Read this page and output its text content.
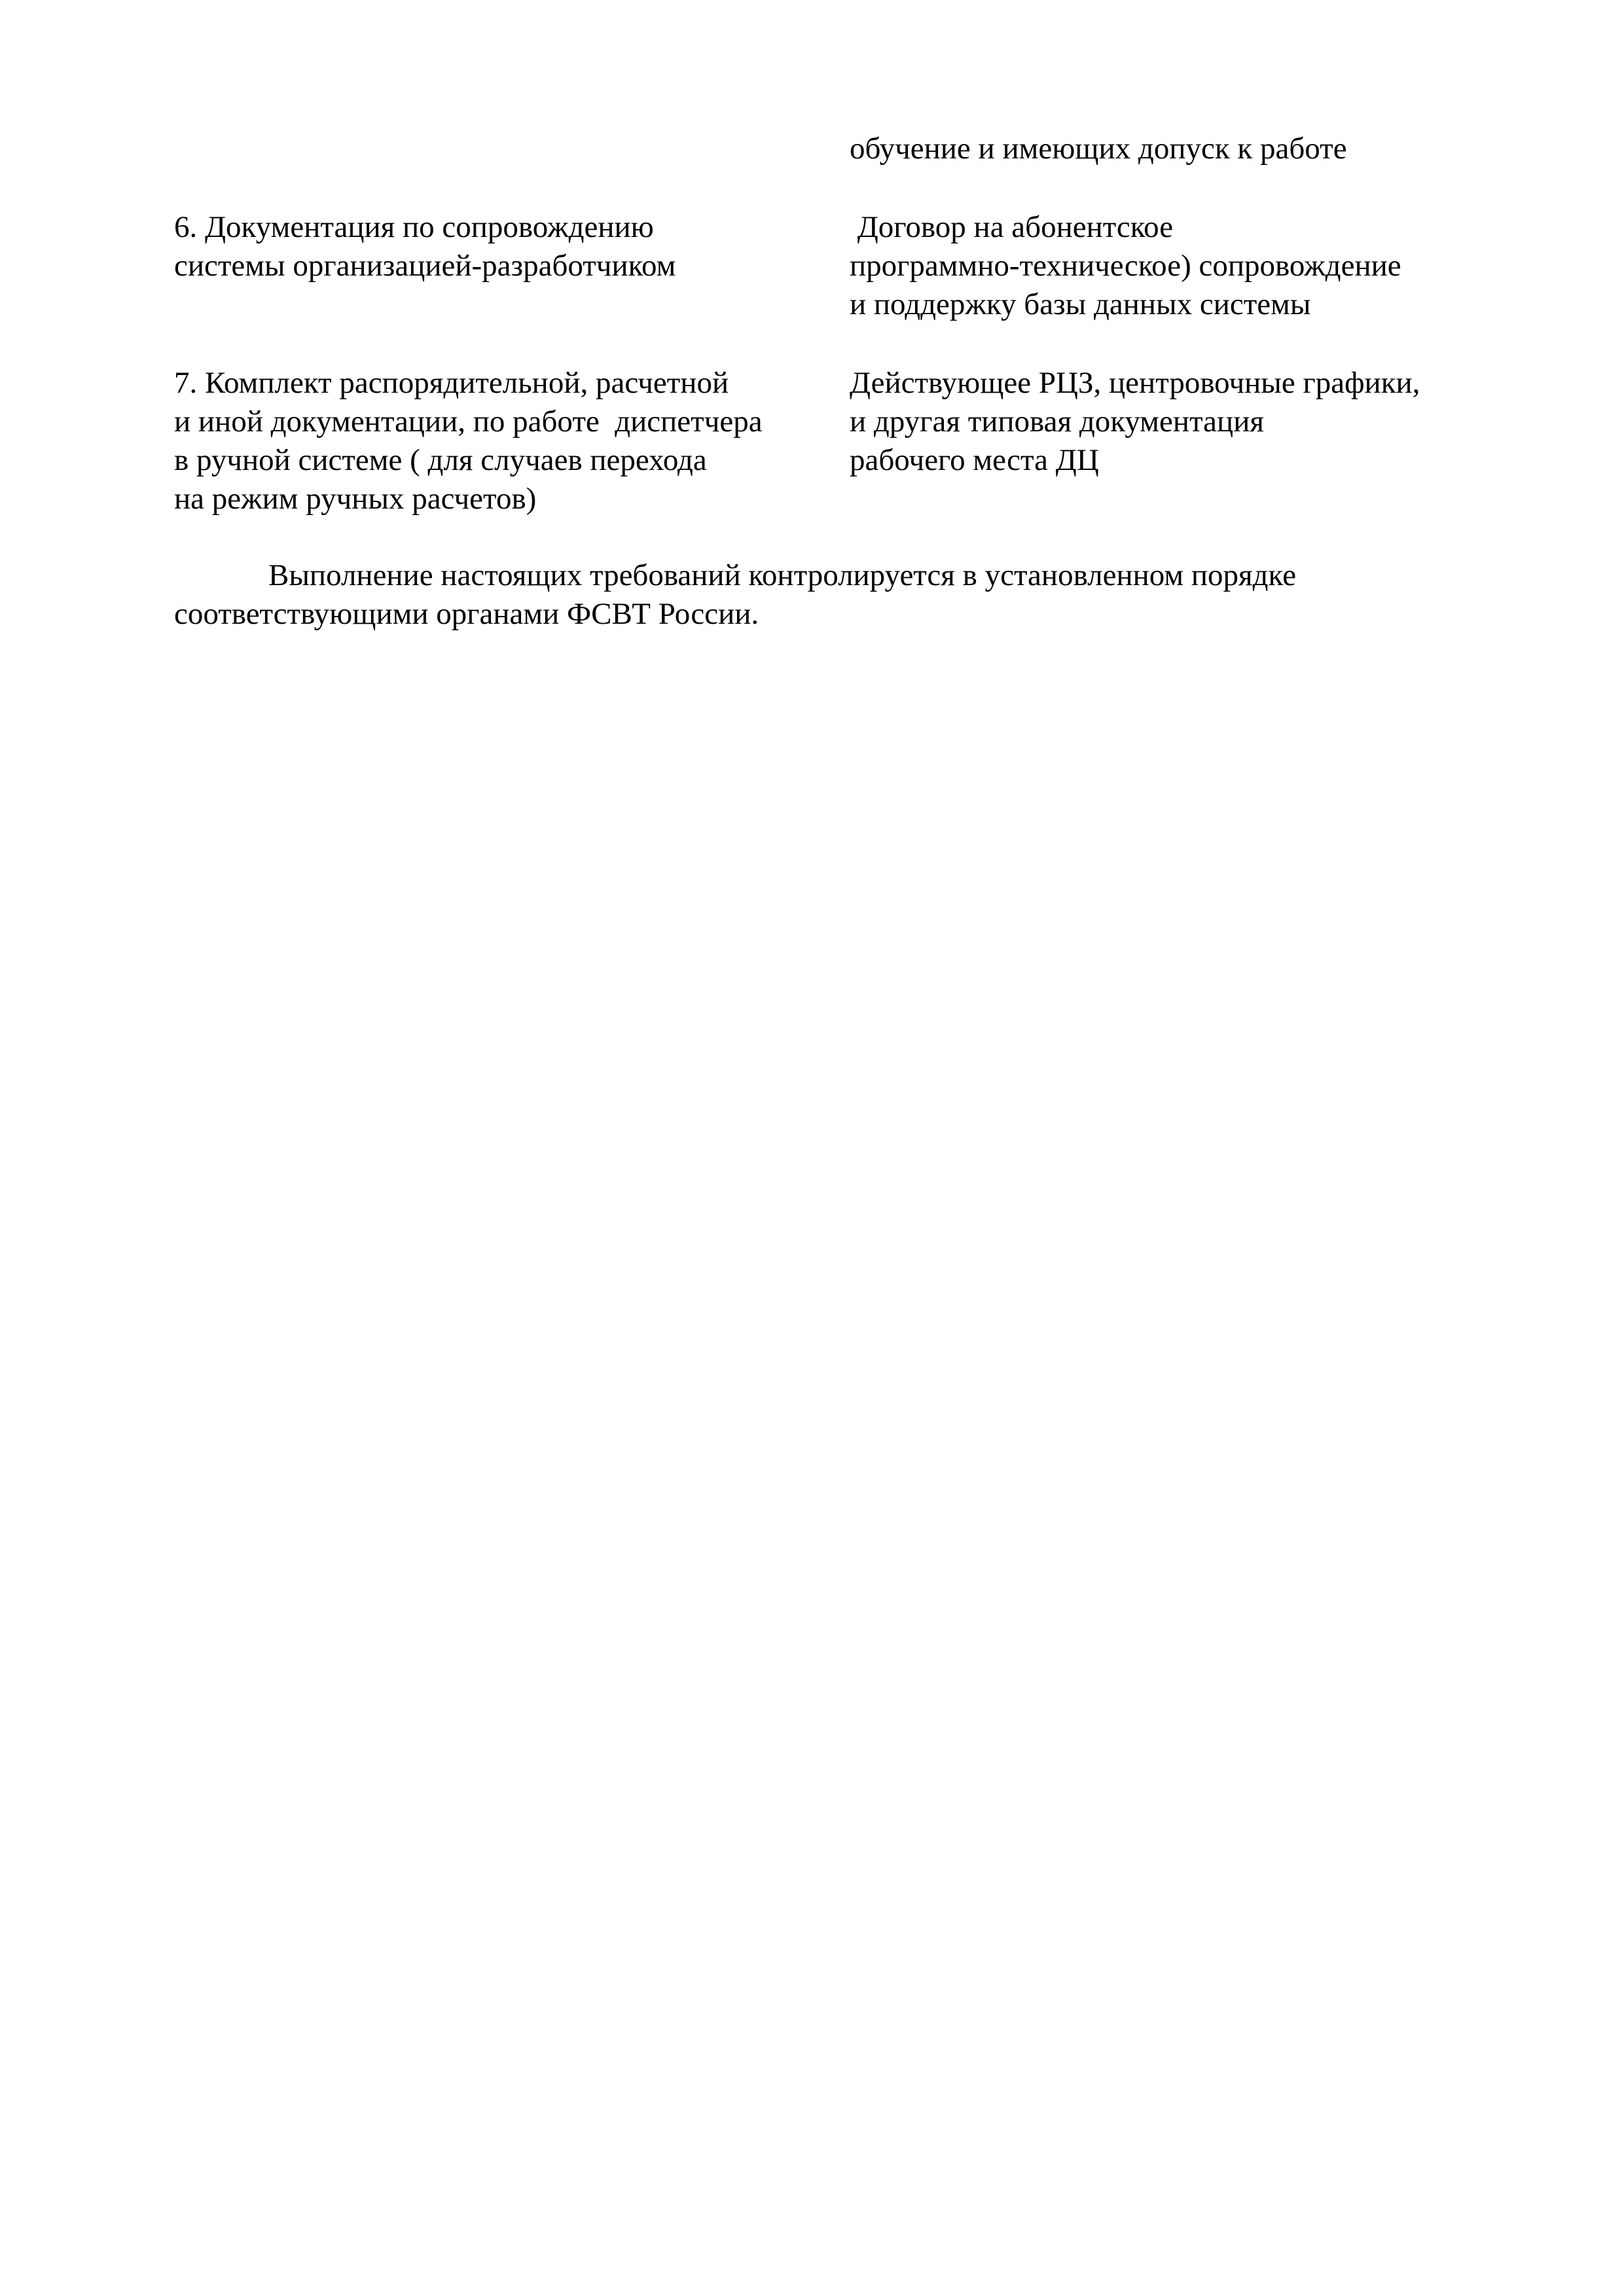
обучение и имеющих допуск к работе
6. Документация по сопровождению
системы организацией-разработчиком
Договор на абонентское
программно-техническое) сопровождение
и поддержку базы данных системы
7. Комплект распорядительной, расчетной
и иной документации, по работе  диспетчера
в ручной системе ( для случаев перехода
на режим ручных расчетов)
Действующее РЦЗ, центровочные графики,
и другая типовая документация
рабочего места ДЦ
Выполнение настоящих требований контролируется в установленном порядке
соответствующими органами ФСВТ России.
